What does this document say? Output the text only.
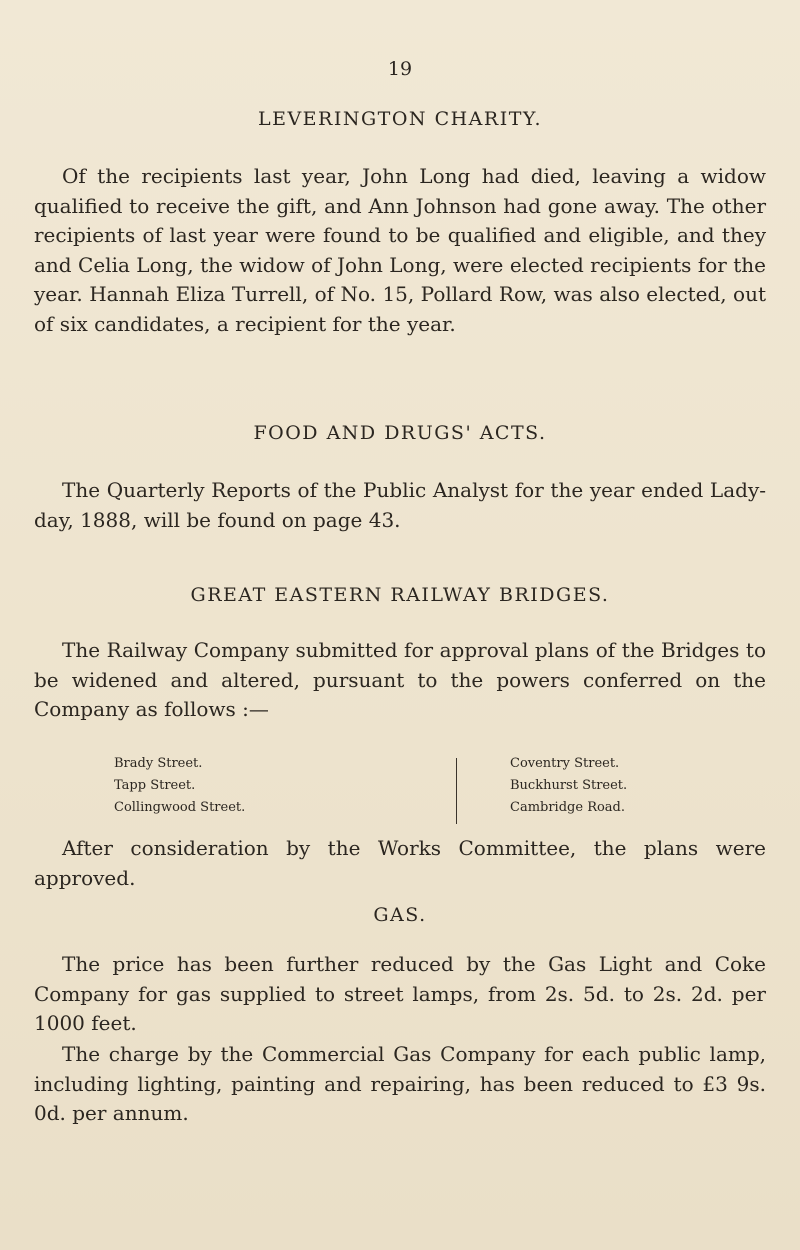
19
LEVERINGTON CHARITY.

Of the recipients last year, John Long had died, leaving a widow qualified to receive the gift, and Ann Johnson had gone away. The other recipients of last year were found to be qualified and eligible, and they and Celia Long, the widow of John Long, were elected recipients for the year. Hannah Eliza Turrell, of No. 15, Pollard Row, was also elected, out of six candidates, a recipient for the year.

FOOD AND DRUGS' ACTS.

The Quarterly Reports of the Public Analyst for the year ended Lady-day, 1888, will be found on page 43.

GREAT EASTERN RAILWAY BRIDGES.

The Railway Company submitted for approval plans of the Bridges to be widened and altered, pursuant to the powers conferred on the Company as follows :—

Brady Street.
Tapp Street.
Collingwood Street.
Coventry Street.
Buckhurst Street.
Cambridge Road.

After consideration by the Works Committee, the plans were approved.

GAS.

The price has been further reduced by the Gas Light and Coke Company for gas supplied to street lamps, from 2s. 5d. to 2s. 2d. per 1000 feet.

The charge by the Commercial Gas Company for each public lamp, including lighting, painting and repairing, has been reduced to £3 9s. 0d. per annum.
